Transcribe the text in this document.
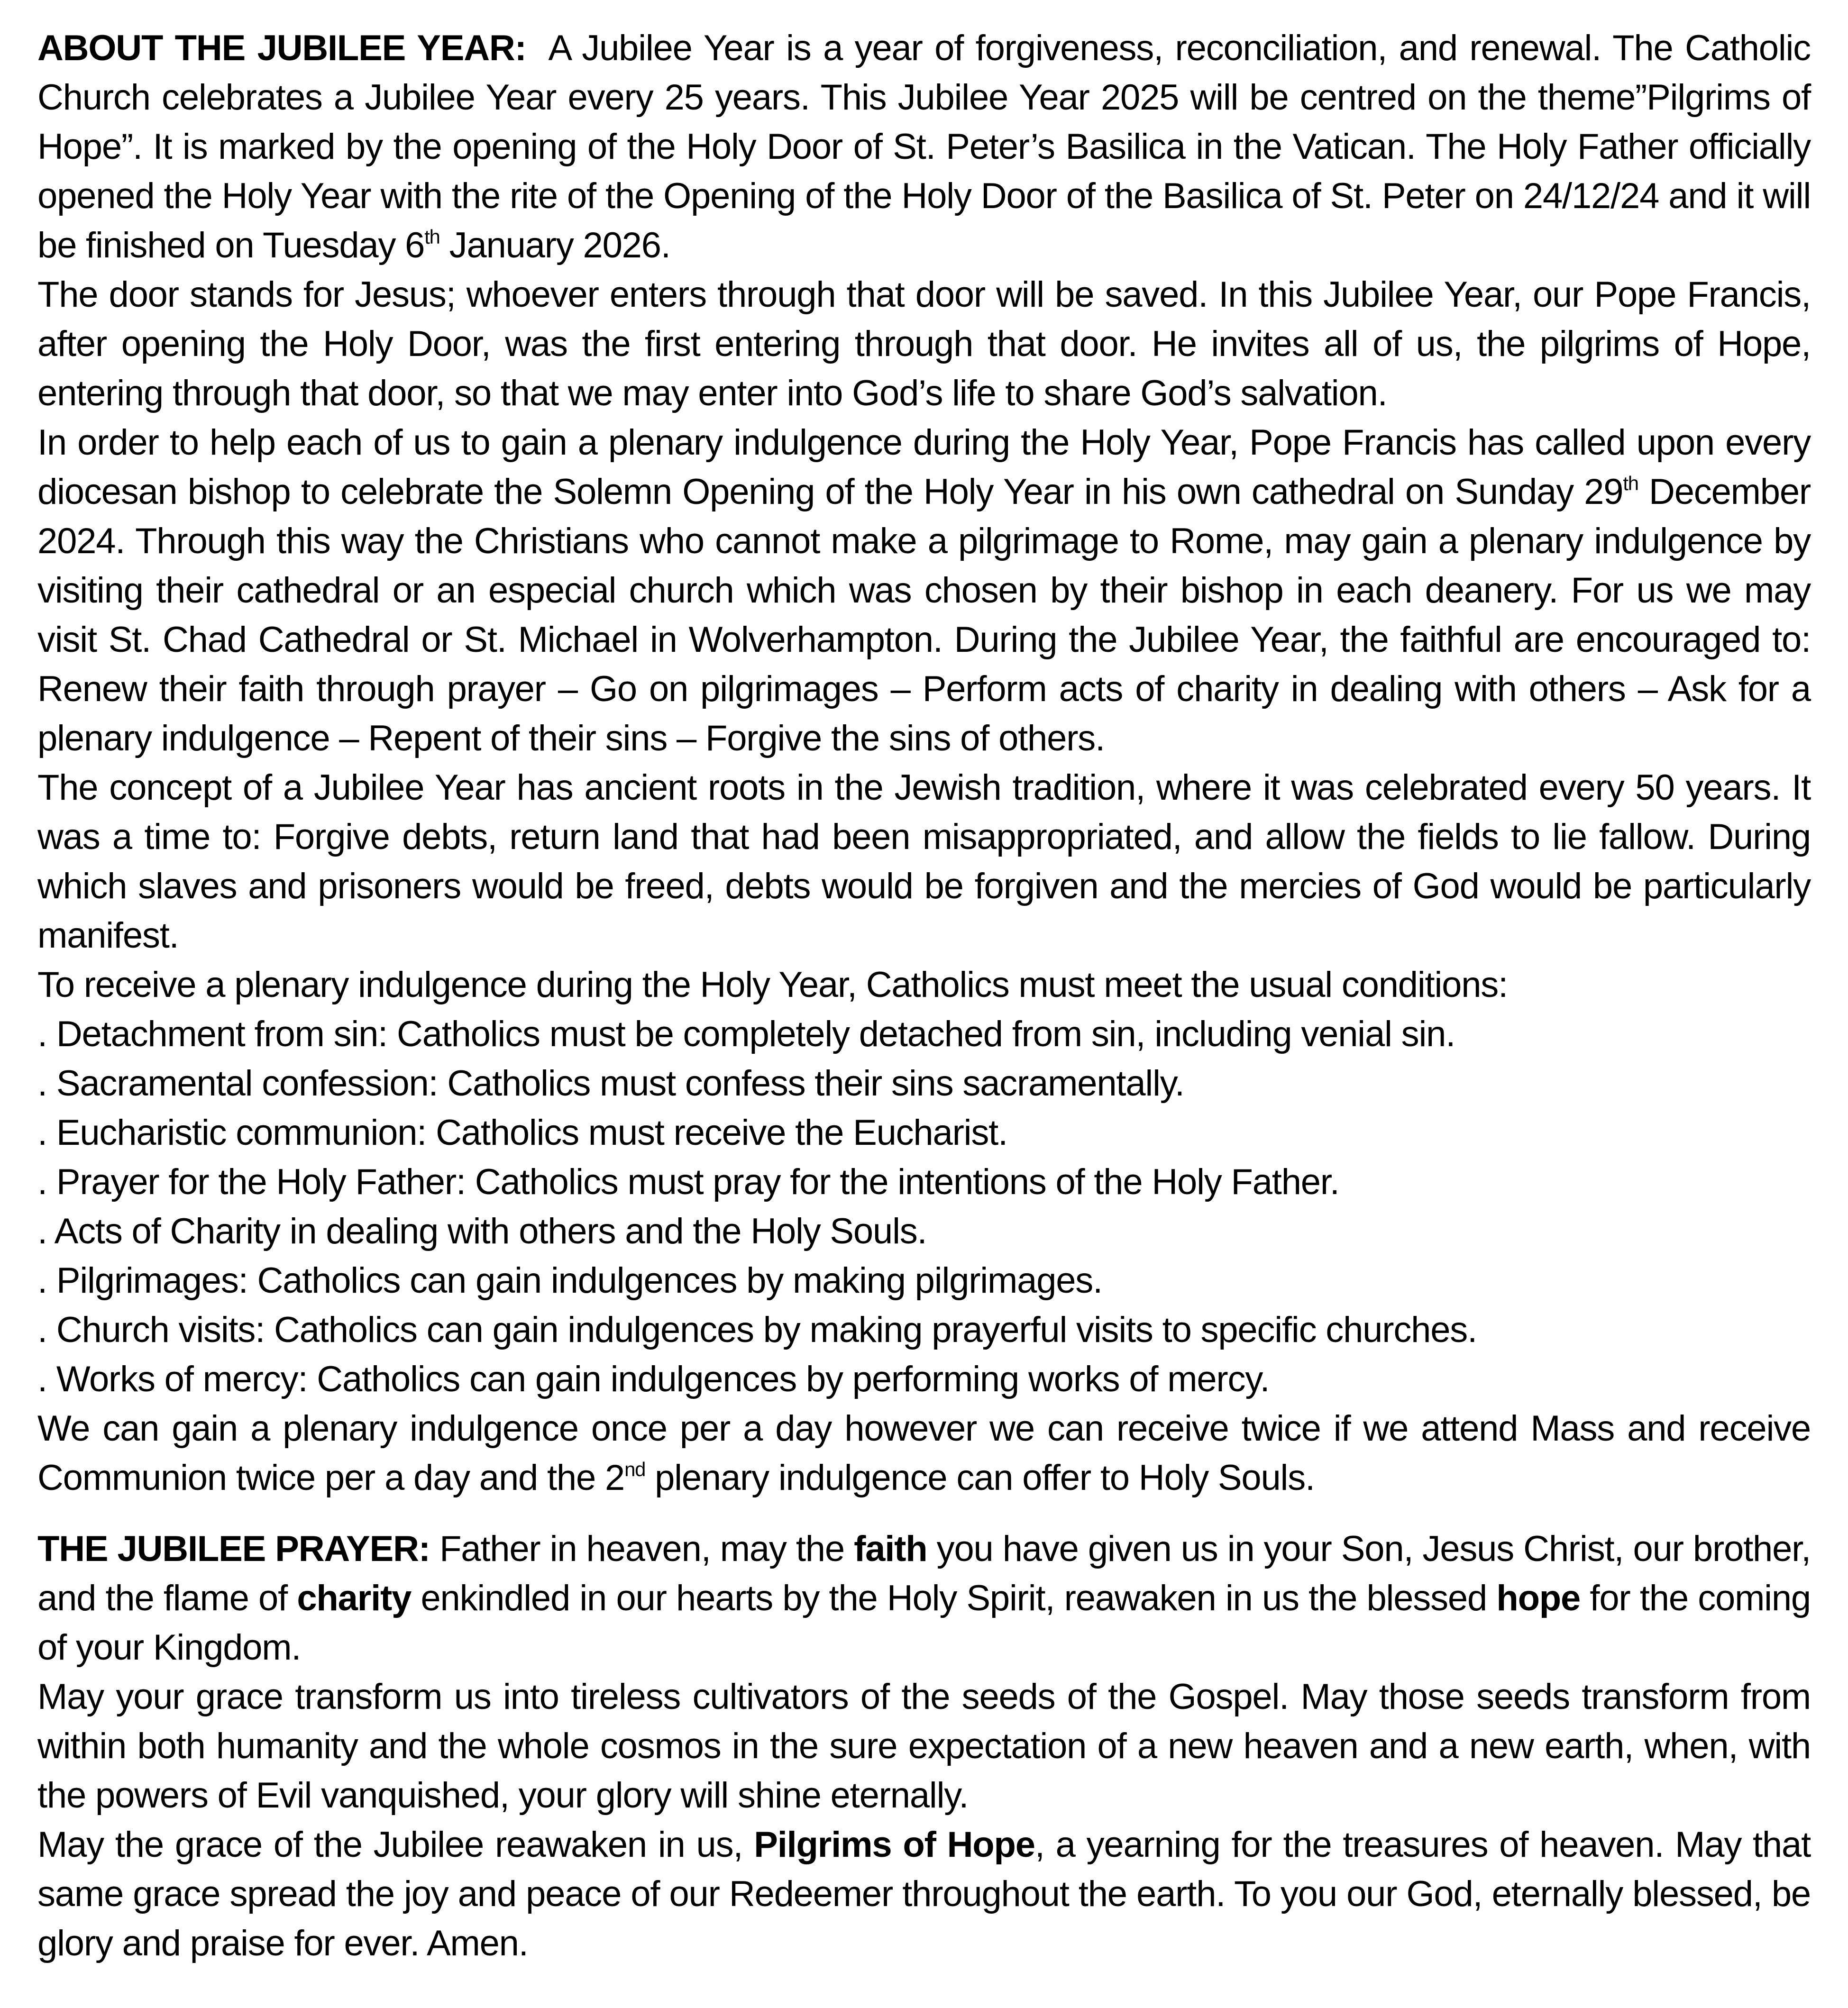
ABOUT THE JUBILEE YEAR: A Jubilee Year is a year of forgiveness, reconciliation, and renewal. The Catholic Church celebrates a Jubilee Year every 25 years. This Jubilee Year 2025 will be centred on the theme”Pilgrims of Hope”. It is marked by the opening of the Holy Door of St. Peter’s Basilica in the Vatican. The Holy Father officially opened the Holy Year with the rite of the Opening of the Holy Door of the Basilica of St. Peter on 24/12/24 and it will be finished on Tuesday 6th January 2026.

The door stands for Jesus; whoever enters through that door will be saved. In this Jubilee Year, our Pope Francis, after opening the Holy Door, was the first entering through that door. He invites all of us, the pilgrims of Hope, entering through that door, so that we may enter into God’s life to share God’s salvation.

In order to help each of us to gain a plenary indulgence during the Holy Year, Pope Francis has called upon every diocesan bishop to celebrate the Solemn Opening of the Holy Year in his own cathedral on Sunday 29th December 2024. Through this way the Christians who cannot make a pilgrimage to Rome, may gain a plenary indulgence by visiting their cathedral or an especial church which was chosen by their bishop in each deanery. For us we may visit St. Chad Cathedral or St. Michael in Wolverhampton. During the Jubilee Year, the faithful are encouraged to: Renew their faith through prayer – Go on pilgrimages – Perform acts of charity in dealing with others – Ask for a plenary indulgence – Repent of their sins – Forgive the sins of others.

The concept of a Jubilee Year has ancient roots in the Jewish tradition, where it was celebrated every 50 years. It was a time to: Forgive debts, return land that had been misappropriated, and allow the fields to lie fallow. During which slaves and prisoners would be freed, debts would be forgiven and the mercies of God would be particularly manifest.

To receive a plenary indulgence during the Holy Year, Catholics must meet the usual conditions:

. Detachment from sin: Catholics must be completely detached from sin, including venial sin.

. Sacramental confession: Catholics must confess their sins sacramentally.

. Eucharistic communion: Catholics must receive the Eucharist.

. Prayer for the Holy Father: Catholics must pray for the intentions of the Holy Father.

. Acts of Charity in dealing with others and the Holy Souls.

. Pilgrimages: Catholics can gain indulgences by making pilgrimages.

. Church visits: Catholics can gain indulgences by making prayerful visits to specific churches.

. Works of mercy: Catholics can gain indulgences by performing works of mercy.

We can gain a plenary indulgence once per a day however we can receive twice if we attend Mass and receive Communion twice per a day and the 2nd plenary indulgence can offer to Holy Souls.

THE JUBILEE PRAYER: Father in heaven, may the faith you have given us in your Son, Jesus Christ, our brother, and the flame of charity enkindled in our hearts by the Holy Spirit, reawaken in us the blessed hope for the coming of your Kingdom.

May your grace transform us into tireless cultivators of the seeds of the Gospel. May those seeds transform from within both humanity and the whole cosmos in the sure expectation of a new heaven and a new earth, when, with the powers of Evil vanquished, your glory will shine eternally.

May the grace of the Jubilee reawaken in us, Pilgrims of Hope, a yearning for the treasures of heaven. May that same grace spread the joy and peace of our Redeemer throughout the earth. To you our God, eternally blessed, be glory and praise for ever. Amen.
